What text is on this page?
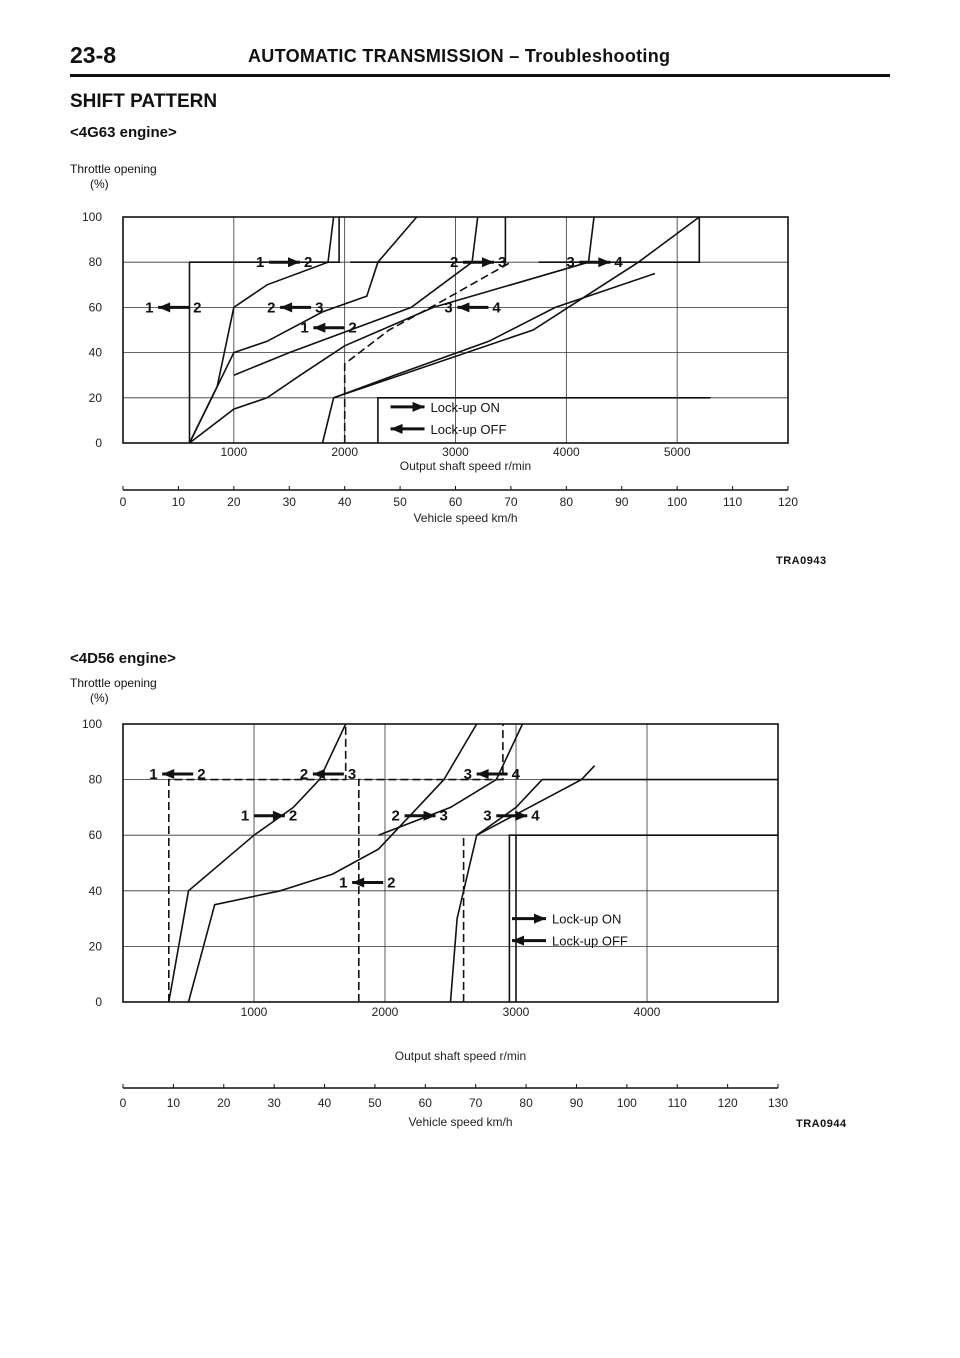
23-8	AUTOMATIC TRANSMISSION – Troubleshooting
SHIFT PATTERN
<4G63 engine>
Throttle opening
(%)
TRA0943
0
20
40
60
80
100
1000	2000	3000	4000	5000
Output shaft speed r/min
0	10	20	30	40	50	60	70	80	90	100	110	120
Vehicle speed km/h
1	2	2	3	3	4
1	2	2	3	3	4
1	2
Lock-up ON
Lock-up OFF
<4D56 engine>
Throttle opening
(%)
TRA0944
0
20
40
60
80
100
1000	2000	3000	4000
Output shaft speed r/min
0	10	20	30	40	50	60	70	80	90	100	110	120	130
Vehicle speed km/h
1	2	2	3	3	4
1	2	2	3 3	4
1	2
Lock-up ON
Lock-up OFF
